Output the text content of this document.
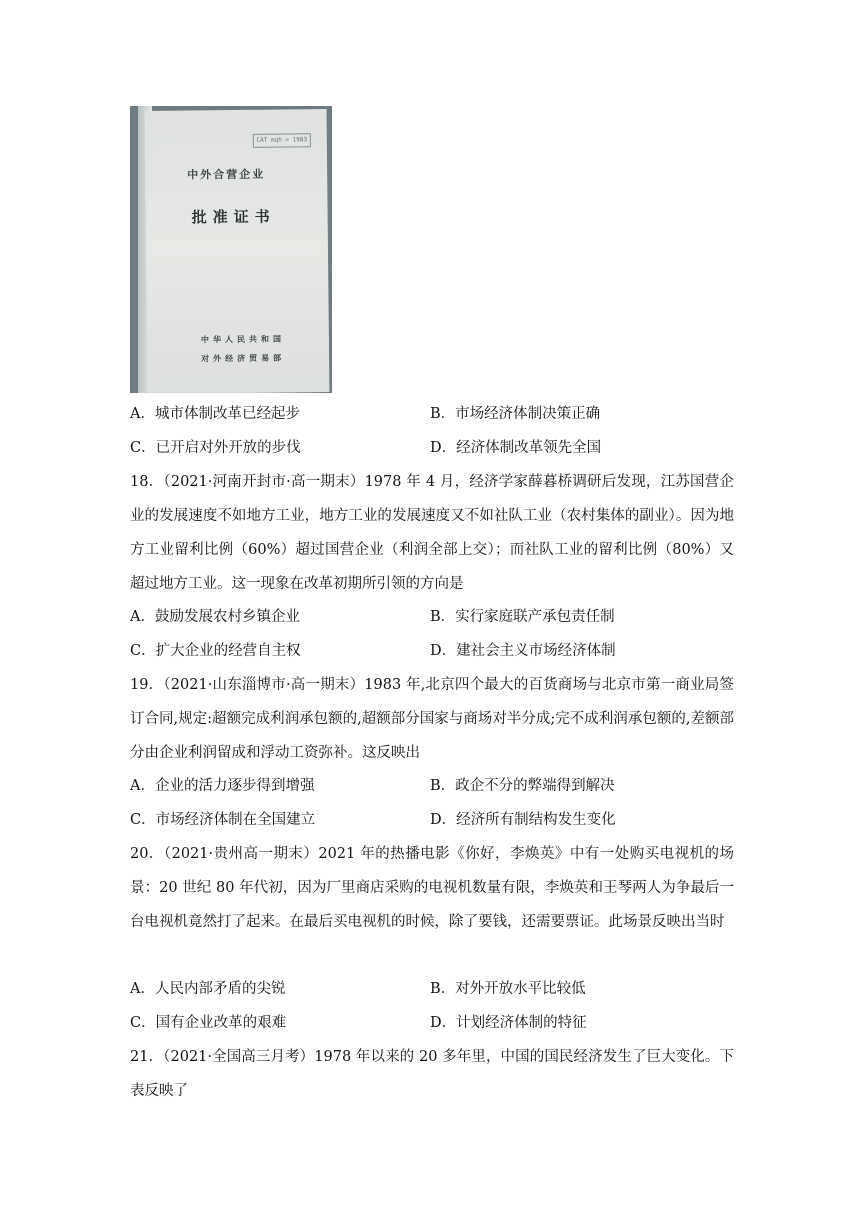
CAT mqh = 1983
中外合营企业
批准证书
中华人民共和国
对外经济贸易部
A．城市体制改革已经起步	B．市场经济体制决策正确
C．已开启对外开放的步伐	D．经济体制改革领先全国
18．（2021·河南开封市·高一期末）1978 年 4 月，经济学家薛暮桥调研后发现，江苏国营企业的发展速度不如地方工业，地方工业的发展速度又不如社队工业（农村集体的副业）。因为地方工业留利比例（60%）超过国营企业（利润全部上交）；而社队工业的留利比例（80%）又超过地方工业。这一现象在改革初期所引领的方向是
A．鼓励发展农村乡镇企业	B．实行家庭联产承包责任制
C．扩大企业的经营自主权	D．建社会主义市场经济体制
19．（2021·山东淄博市·高一期末）1983 年,北京四个最大的百货商场与北京市第一商业局签订合同,规定:超额完成利润承包额的,超额部分国家与商场对半分成;完不成利润承包额的,差额部分由企业利润留成和浮动工资弥补。这反映出
A．企业的活力逐步得到增强	B．政企不分的弊端得到解决
C．市场经济体制在全国建立	D．经济所有制结构发生变化
20．（2021·贵州高一期末）2021 年的热播电影《你好，李焕英》中有一处购买电视机的场景：20 世纪 80 年代初，因为厂里商店采购的电视机数量有限，李焕英和王琴两人为争最后一台电视机竟然打了起来。在最后买电视机的时候，除了要钱，还需要票证。此场景反映出当时
A．人民内部矛盾的尖锐	B．对外开放水平比较低
C．国有企业改革的艰难	D．计划经济体制的特征
21．（2021·全国高三月考）1978 年以来的 20 多年里，中国的国民经济发生了巨大变化。下表反映了
